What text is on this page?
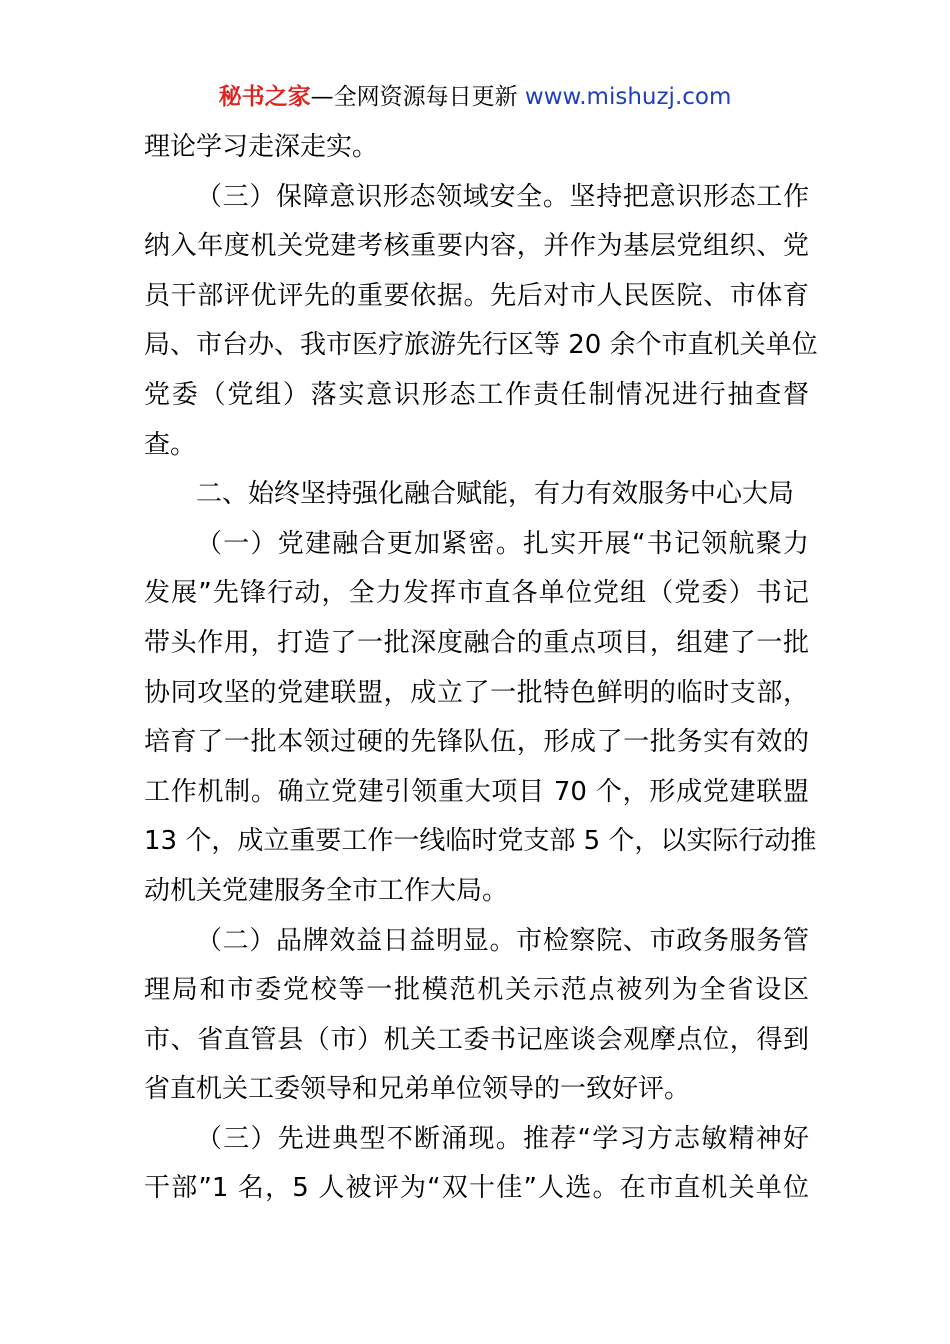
秘书之家—全网资源每日更新 www.mishuzj.com
理论学习走深走实。
（三）保障意识形态领域安全。坚持把意识形态工作
纳入年度机关党建考核重要内容，并作为基层党组织、党
员干部评优评先的重要依据。先后对市人民医院、市体育
局、市台办、我市医疗旅游先行区等 20 余个市直机关单位
党委（党组）落实意识形态工作责任制情况进行抽查督
查。
二、始终坚持强化融合赋能，有力有效服务中心大局
（一）党建融合更加紧密。扎实开展“书记领航聚力
发展”先锋行动，全力发挥市直各单位党组（党委）书记
带头作用，打造了一批深度融合的重点项目，组建了一批
协同攻坚的党建联盟，成立了一批特色鲜明的临时支部，
培育了一批本领过硬的先锋队伍，形成了一批务实有效的
工作机制。确立党建引领重大项目 70 个，形成党建联盟
13 个，成立重要工作一线临时党支部 5 个，以实际行动推
动机关党建服务全市工作大局。
（二）品牌效益日益明显。市检察院、市政务服务管
理局和市委党校等一批模范机关示范点被列为全省设区
市、省直管县（市）机关工委书记座谈会观摩点位，得到
省直机关工委领导和兄弟单位领导的一致好评。
（三）先进典型不断涌现。推荐“学习方志敏精神好
干部”1 名，5 人被评为“双十佳”人选。在市直机关单位
